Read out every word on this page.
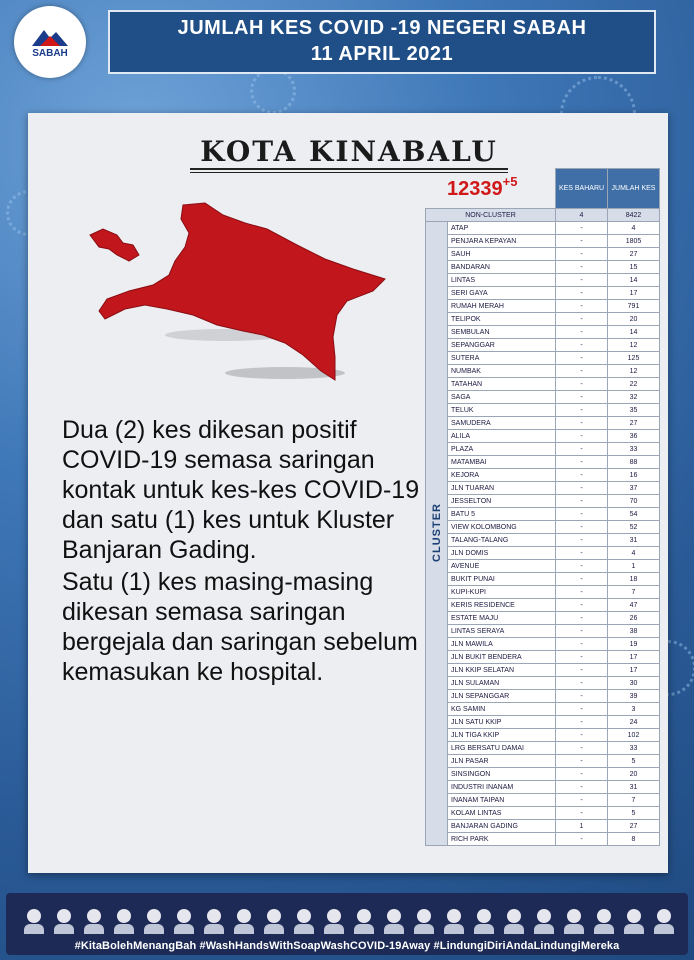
SABAH
JUMLAH KES COVID -19 NEGERI SABAH
11 APRIL 2021
KOTA KINABALU

Dua (2) kes dikesan positif COVID-19 semasa saringan kontak untuk kes-kes COVID-19 dan satu (1) kes untuk Kluster Banjaran Gading.

Satu (1) kes masing-masing dikesan semasa saringan bergejala dan saringan sebelum kemasukan ke hospital.

$12339^{+5}$
		KES BAHARU	JUMLAH KES
NON-CLUSTER		4	8422
CLUSTER	ATAP	-	4
	PENJARA KEPAYAN	-	1805
	SAUH	-	27
	BANDARAN	-	15
	LINTAS	-	14
	SERI GAYA	-	17
	RUMAH MERAH	-	791
	TELIPOK	-	20
	SEMBULAN	-	14
	SEPANGGAR	-	12
	SUTERA	-	125
	NUMBAK	-	12
	TATAHAN	-	22
	SAGA	-	32
	TELUK	-	35
	SAMUDERA	-	27
	ALILA	-	36
	PLAZA	-	33
	MATAMBAI	-	88
	KEJORA	-	16
	JLN TUARAN	-	37
	JESSELTON	-	70
	BATU 5	-	54
	VIEW KOLOMBONG	-	52
	TALANG-TALANG	-	31
	JLN DOMIS	-	4
	AVENUE	-	1
	BUKIT PUNAI	-	18
	KUPI-KUPI	-	7
	KERIS RESIDENCE	-	47
	ESTATE MAJU	-	26
	LINTAS SERAYA	-	38
	JLN MAWILA	-	19
	JLN BUKIT BENDERA	-	17
	JLN KKIP SELATAN	-	17
	JLN SULAMAN	-	30
	JLN SEPANGGAR	-	39
	KG SAMIN	-	3
	JLN SATU KKIP	-	24
	JLN TIGA KKIP	-	102
	LRG BERSATU DAMAI	-	33
	JLN PASAR	-	5
	SINSINGON	-	20
	INDUSTRI INANAM	-	31
	INANAM TAIPAN	-	7
	KOLAM LINTAS	-	5
	BANJARAN GADING	1	27
	RICH PARK	-	8
#KitaBolehMenangBah #WashHandsWithSoapWashCOVID-19Away #LindungiDiriAndaLindungiMereka
